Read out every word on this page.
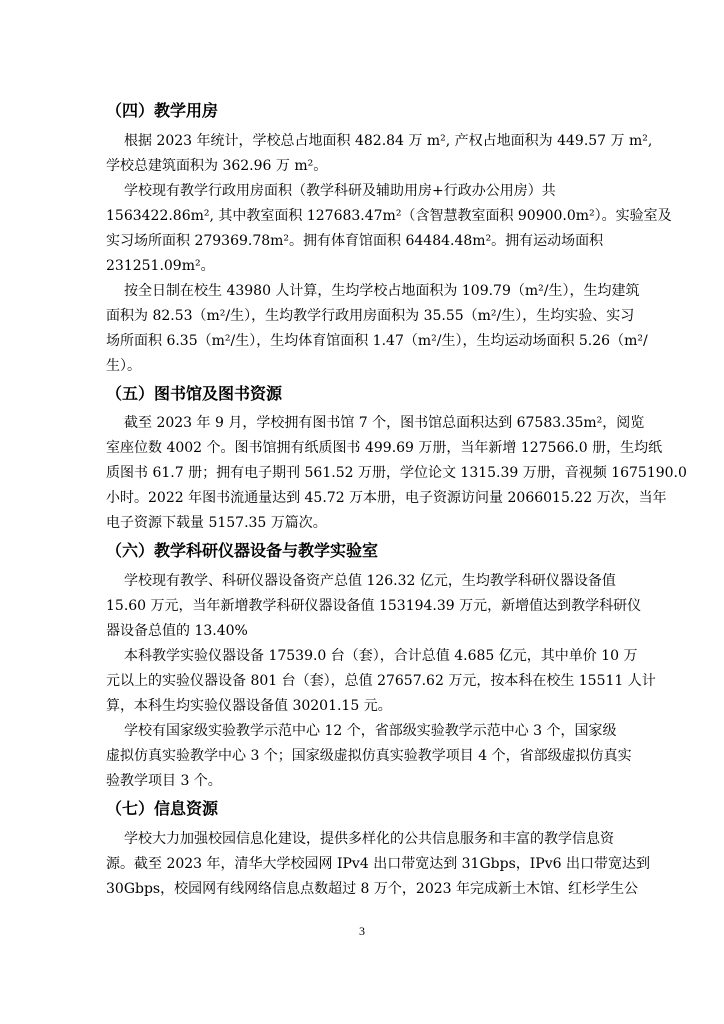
（四）教学用房
根据 2023 年统计，学校总占地面积 482.84 万 m², 产权占地面积为 449.57 万 m²,
学校总建筑面积为 362.96 万 m²。
学校现有教学行政用房面积（教学科研及辅助用房+行政办公用房）共
1563422.86m², 其中教室面积 127683.47m²（含智慧教室面积 90900.0m²）。实验室及
实习场所面积 279369.78m²。拥有体育馆面积 64484.48m²。拥有运动场面积
231251.09m²。
按全日制在校生 43980 人计算，生均学校占地面积为 109.79（m²/生），生均建筑
面积为 82.53（m²/生），生均教学行政用房面积为 35.55（m²/生），生均实验、实习
场所面积 6.35（m²/生），生均体育馆面积 1.47（m²/生），生均运动场面积 5.26（m²/
生）。
（五）图书馆及图书资源
截至 2023 年 9 月，学校拥有图书馆 7 个，图书馆总面积达到 67583.35m²，阅览
室座位数 4002 个。图书馆拥有纸质图书 499.69 万册，当年新增 127566.0 册，生均纸
质图书 61.7 册；拥有电子期刊 561.52 万册，学位论文 1315.39 万册，音视频 1675190.0
小时。2022 年图书流通量达到 45.72 万本册，电子资源访问量 2066015.22 万次，当年
电子资源下载量 5157.35 万篇次。
（六）教学科研仪器设备与教学实验室
学校现有教学、科研仪器设备资产总值 126.32 亿元，生均教学科研仪器设备值
15.60 万元，当年新增教学科研仪器设备值 153194.39 万元，新增值达到教学科研仪
器设备总值的 13.40%
本科教学实验仪器设备 17539.0 台（套），合计总值 4.685 亿元，其中单价 10 万
元以上的实验仪器设备 801 台（套），总值 27657.62 万元，按本科在校生 15511 人计
算，本科生均实验仪器设备值 30201.15 元。
学校有国家级实验教学示范中心 12 个，省部级实验教学示范中心 3 个，国家级
虚拟仿真实验教学中心 3 个；国家级虚拟仿真实验教学项目 4 个，省部级虚拟仿真实
验教学项目 3 个。
（七）信息资源
学校大力加强校园信息化建设，提供多样化的公共信息服务和丰富的教学信息资
源。截至 2023 年，清华大学校园网 IPv4 出口带宽达到 31Gbps，IPv6 出口带宽达到
30Gbps，校园网有线网络信息点数超过 8 万个，2023 年完成新土木馆、红杉学生公
3
